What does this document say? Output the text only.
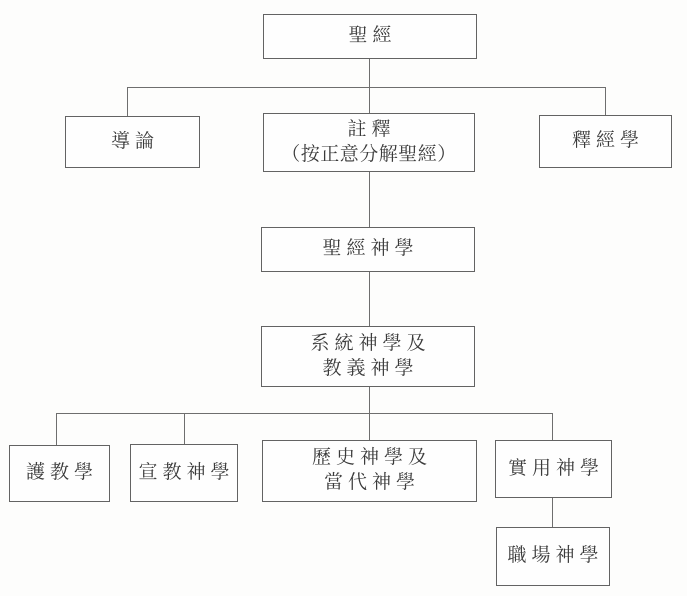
聖經
導論
註釋
（按正意分解聖經）
釋經學
聖經神學
系統神學及
教義神學
護教學 宣教神學
歷史神學及
當代神學
實用神學
職場神學
